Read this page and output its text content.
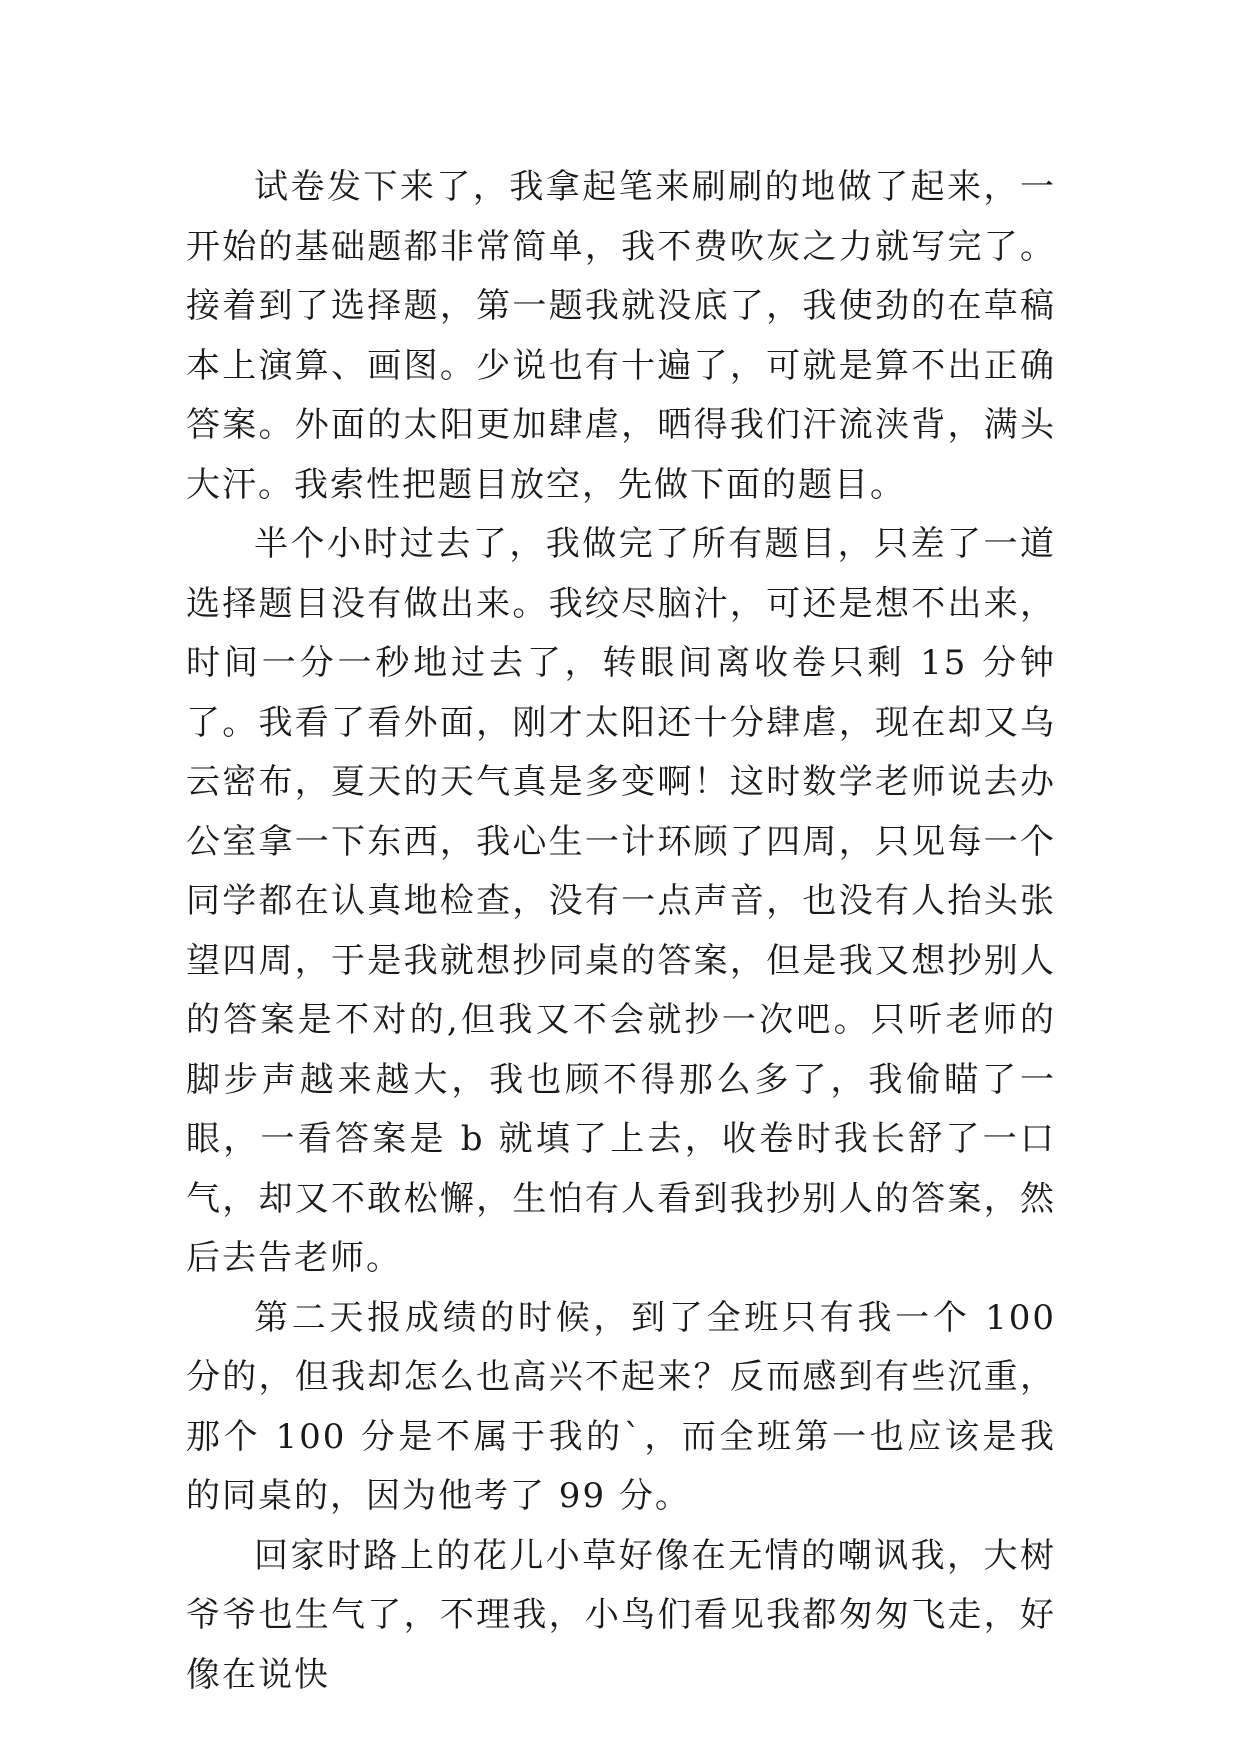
试卷发下来了，我拿起笔来刷刷的地做了起来，一开始的基础题都非常简单，我不费吹灰之力就写完了。接着到了选择题，第一题我就没底了，我使劲的在草稿本上演算、画图。少说也有十遍了，可就是算不出正确答案。外面的太阳更加肆虐，晒得我们汗流浃背，满头大汗。我索性把题目放空，先做下面的题目。

半个小时过去了，我做完了所有题目，只差了一道选择题目没有做出来。我绞尽脑汁，可还是想不出来，时间一分一秒地过去了，转眼间离收卷只剩 15 分钟了。我看了看外面，刚才太阳还十分肆虐，现在却又乌云密布，夏天的天气真是多变啊！这时数学老师说去办公室拿一下东西，我心生一计环顾了四周，只见每一个同学都在认真地检查，没有一点声音，也没有人抬头张望四周，于是我就想抄同桌的答案，但是我又想抄别人的答案是不对的,但我又不会就抄一次吧。只听老师的脚步声越来越大，我也顾不得那么多了，我偷瞄了一眼，一看答案是 b 就填了上去，收卷时我长舒了一口气，却又不敢松懈，生怕有人看到我抄别人的答案，然后去告老师。

第二天报成绩的时候，到了全班只有我一个 100 分的，但我却怎么也高兴不起来？反而感到有些沉重，那个 100 分是不属于我的`，而全班第一也应该是我的同桌的，因为他考了 99 分。

回家时路上的花儿小草好像在无情的嘲讽我，大树爷爷也生气了，不理我，小鸟们看见我都匆匆飞走，好像在说快
